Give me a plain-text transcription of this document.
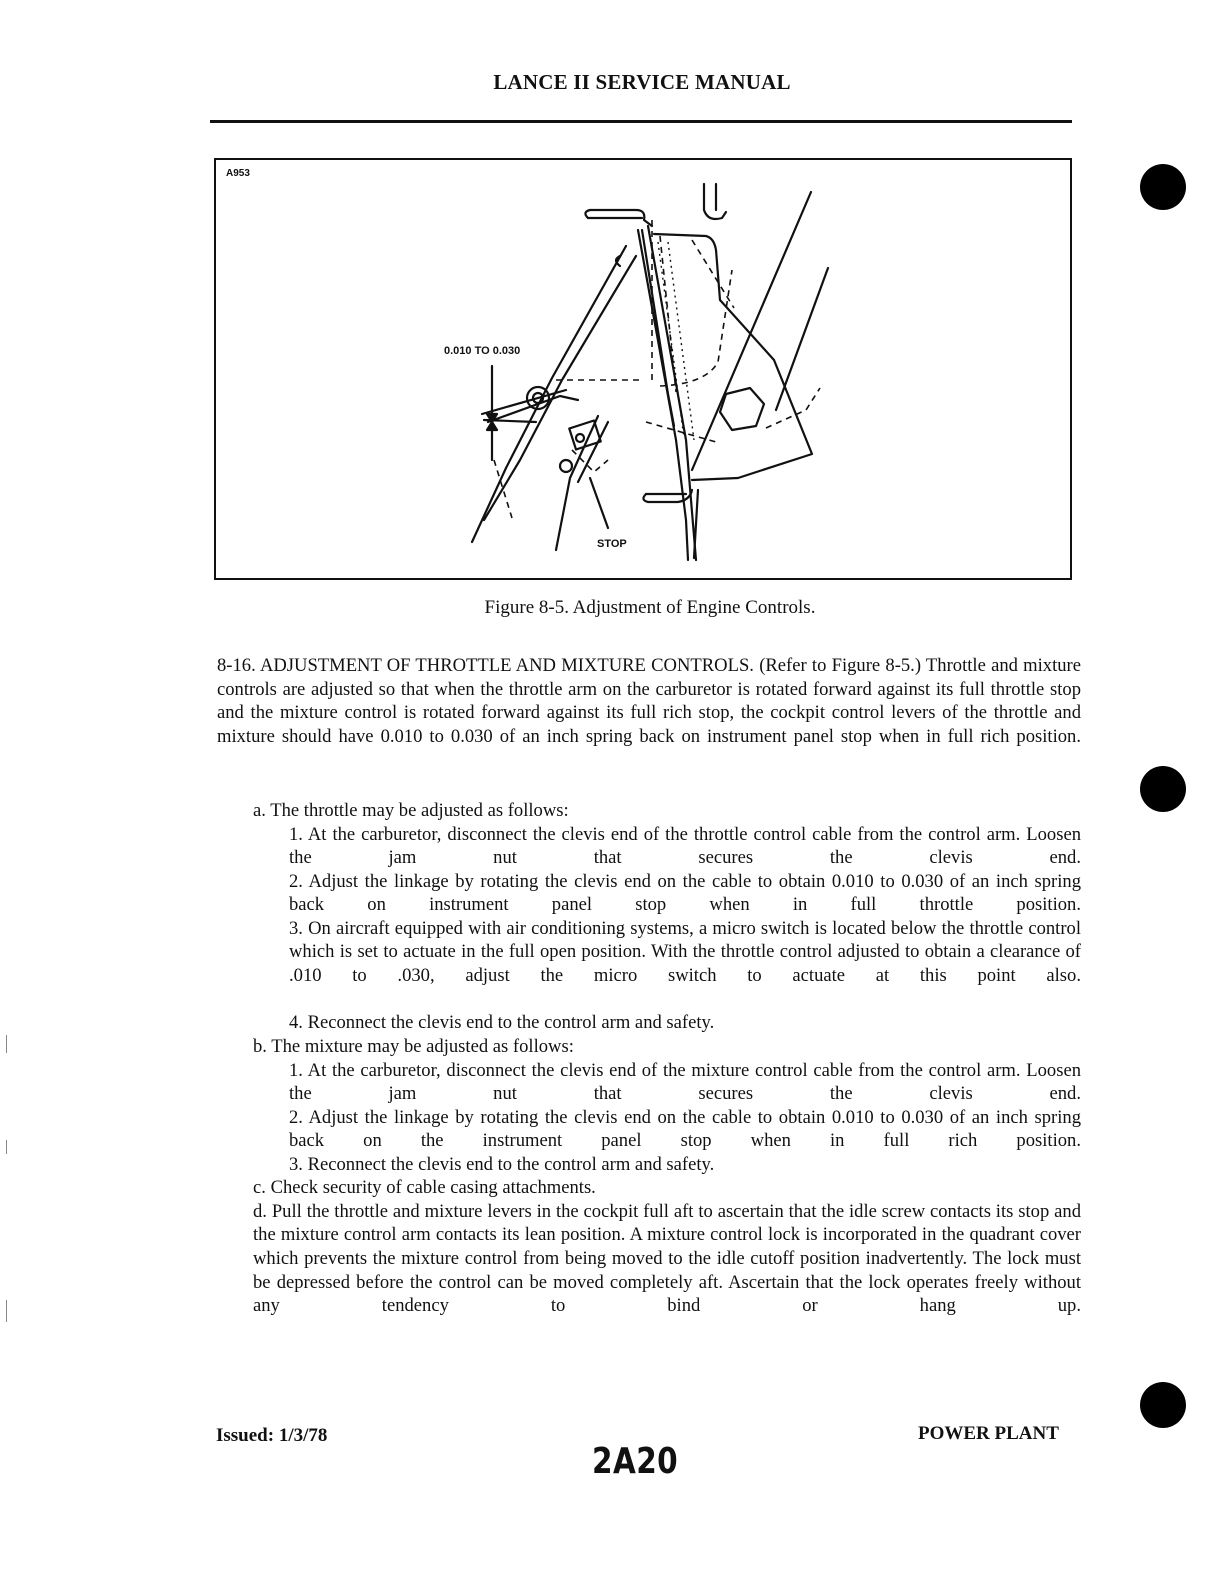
LANCE II SERVICE MANUAL
A953
0.010 TO 0.030
STOP
Figure 8-5. Adjustment of Engine Controls.

8-16. ADJUSTMENT OF THROTTLE AND MIXTURE CONTROLS. (Refer to Figure 8-5.) Throttle and mixture controls are adjusted so that when the throttle arm on the carburetor is rotated forward against its full throttle stop and the mixture control is rotated forward against its full rich stop, the cockpit control levers of the throttle and mixture should have 0.010 to 0.030 of an inch spring back on instrument panel stop when in full rich position.

a. The throttle may be adjusted as follows:

1. At the carburetor, disconnect the clevis end of the throttle control cable from the control arm. Loosen the jam nut that secures the clevis end.

2. Adjust the linkage by rotating the clevis end on the cable to obtain 0.010 to 0.030 of an inch spring back on instrument panel stop when in full throttle position.

3. On aircraft equipped with air conditioning systems, a micro switch is located below the throttle control which is set to actuate in the full open position. With the throttle control adjusted to obtain a clearance of .010 to .030, adjust the micro switch to actuate at this point also.

4. Reconnect the clevis end to the control arm and safety.

b. The mixture may be adjusted as follows:

1. At the carburetor, disconnect the clevis end of the mixture control cable from the control arm. Loosen the jam nut that secures the clevis end.

2. Adjust the linkage by rotating the clevis end on the cable to obtain 0.010 to 0.030 of an inch spring back on the instrument panel stop when in full rich position.

3. Reconnect the clevis end to the control arm and safety.

c. Check security of cable casing attachments.

d. Pull the throttle and mixture levers in the cockpit full aft to ascertain that the idle screw contacts its stop and the mixture control arm contacts its lean position. A mixture control lock is incorporated in the quadrant cover which prevents the mixture control from being moved to the idle cutoff position inadvertently. The lock must be depressed before the control can be moved completely aft. Ascertain that the lock operates freely without any tendency to bind or hang up.

Issued: 1/3/78	POWER PLANT
2A20
